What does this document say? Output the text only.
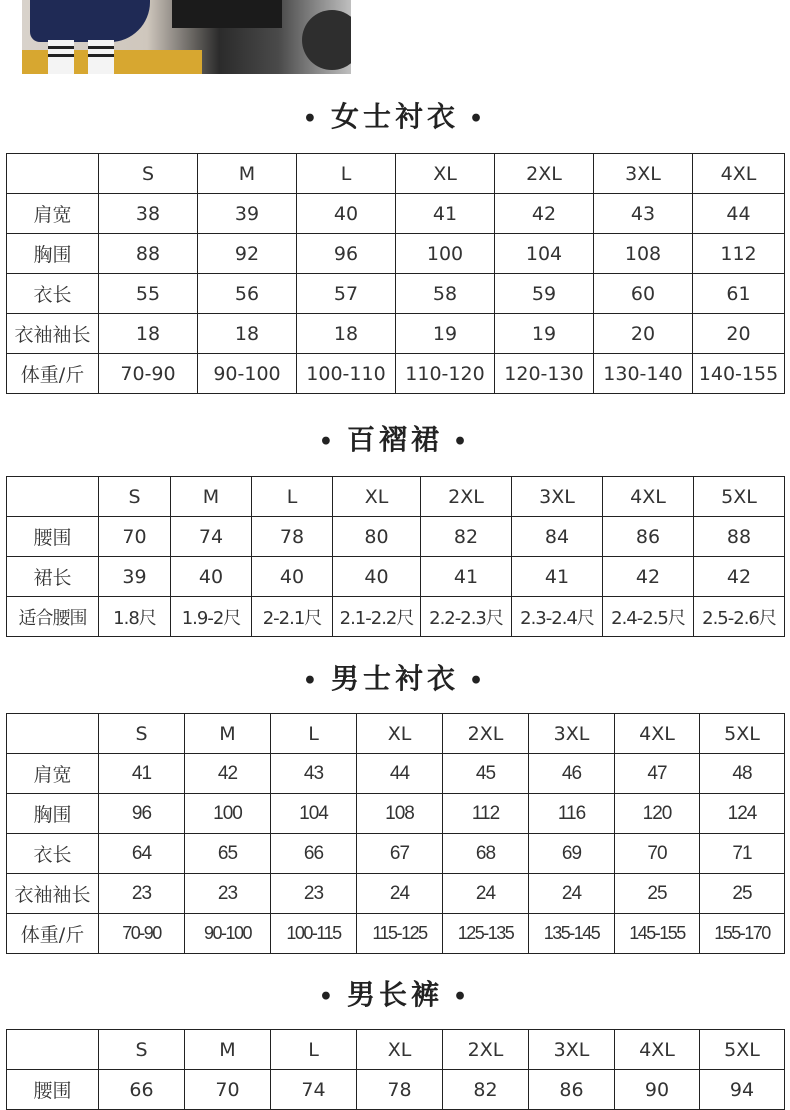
• 女士衬衣 •
	S	M	L	XL	2XL	3XL	4XL
肩宽	38	39	40	41	42	43	44
胸围	88	92	96	100	104	108	112
衣长	55	56	57	58	59	60	61
衣袖袖长	18	18	18	19	19	20	20
体重/斤	70-90	90-100	100-110	110-120	120-130	130-140	140-155
• 百褶裙 •
	S	M	L	XL	2XL	3XL	4XL	5XL
腰围	70	74	78	80	82	84	86	88
裙长	39	40	40	40	41	41	42	42
适合腰围	1.8尺	1.9-2尺	2-2.1尺	2.1-2.2尺	2.2-2.3尺	2.3-2.4尺	2.4-2.5尺	2.5-2.6尺
• 男士衬衣 •
	S	M	L	XL	2XL	3XL	4XL	5XL
肩宽	41	42	43	44	45	46	47	48
胸围	96	100	104	108	112	116	120	124
衣长	64	65	66	67	68	69	70	71
衣袖袖长	23	23	23	24	24	24	25	25
体重/斤	70-90	90-100	100-115	115-125	125-135	135-145	145-155	155-170
• 男长裤 •
	S	M	L	XL	2XL	3XL	4XL	5XL
腰围	66	70	74	78	82	86	90	94
